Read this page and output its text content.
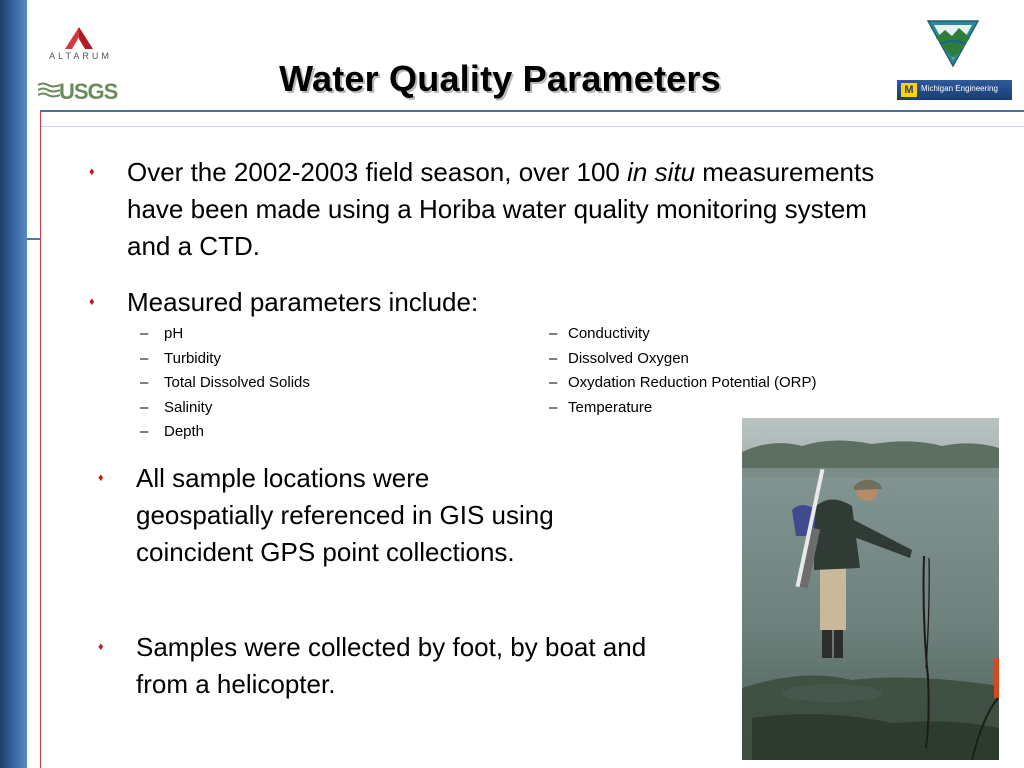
ALTARUM
USGS	M Michigan Engineering
Water Quality Parameters
♦	Over the 2002-2003 field season, over 100 in situ measurements have been made using a Horiba water quality monitoring system and a CTD.
♦	Measured parameters include:
–	pH
–	Turbidity
–	Total Dissolved Solids
–	Salinity
–	Depth
– Conductivity
– Dissolved Oxygen
– Oxydation Reduction Potential (ORP)
– Temperature
♦	All sample locations were geospatially referenced in GIS using coincident GPS point collections.
♦	Samples were collected by foot, by boat and from a helicopter.
